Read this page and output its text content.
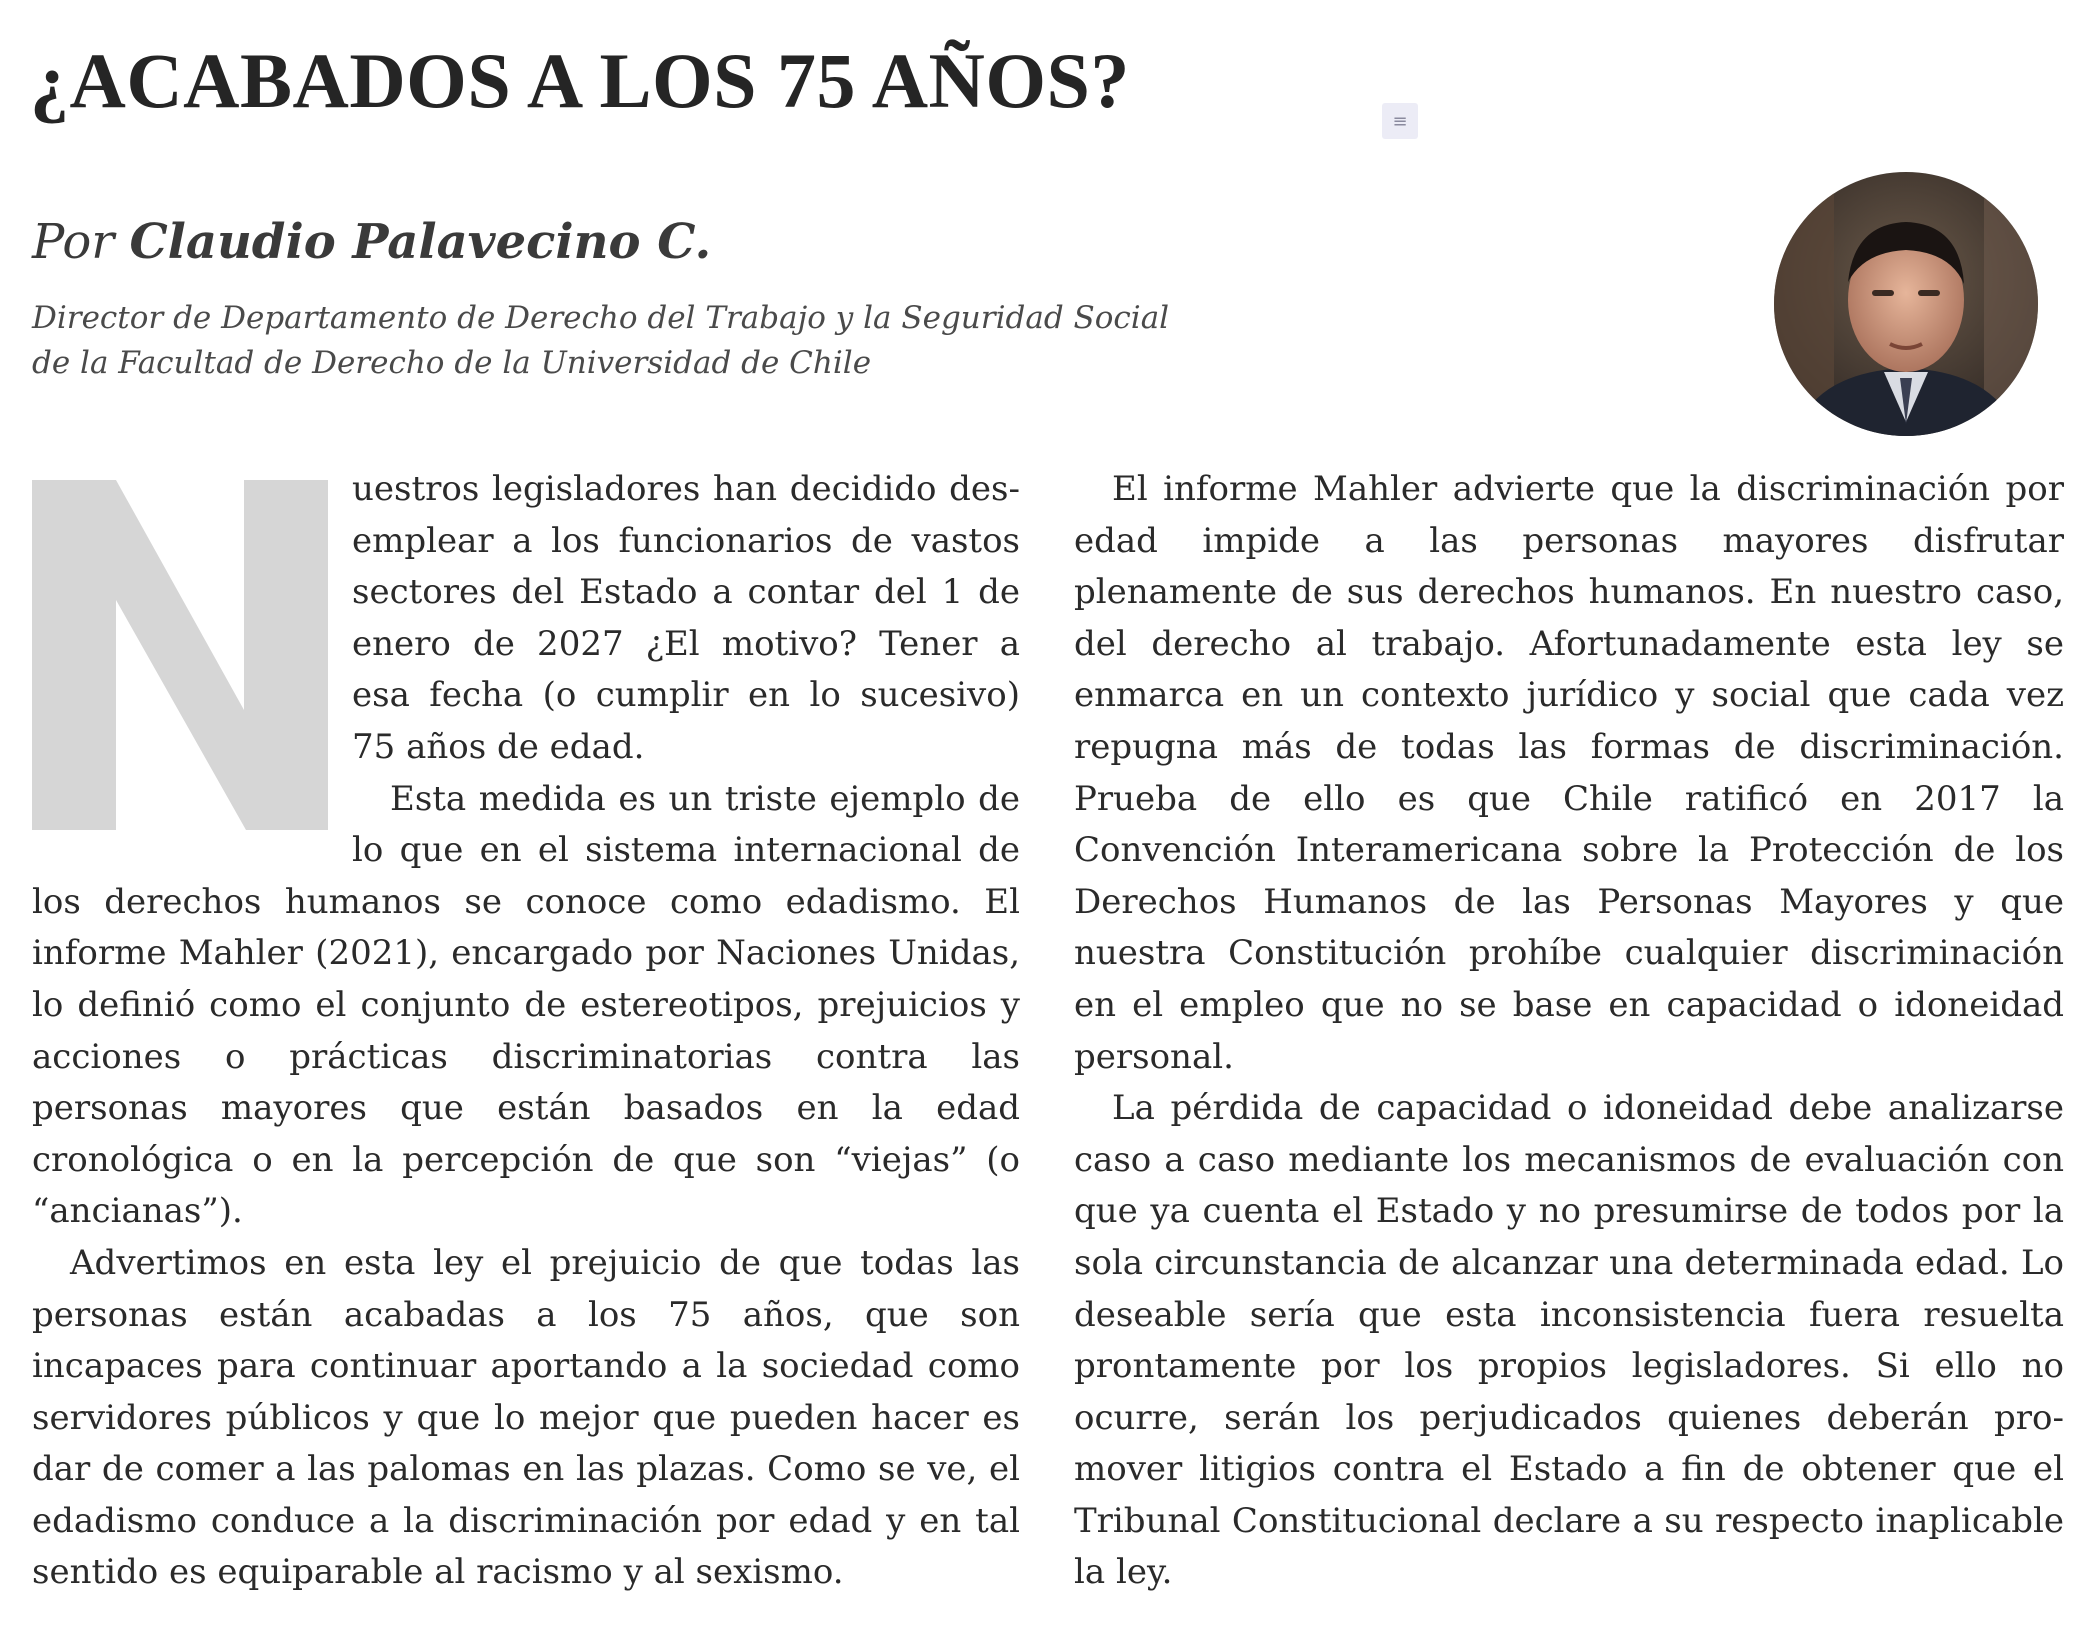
¿ACABADOS A LOS 75 AÑOS?	≡
Por Claudio Palavecino C.
Director de Departamento de Derecho del Trabajo y la Seguridad Social
de la Facultad de Derecho de la Universidad de Chile

uestros legisladores han decidido desemplear a los funcionarios de vastos sectores del Estado a contar del 1 de enero de 2027 ¿El motivo? Tener a esa fecha (o cumplir en lo sucesivo) 75 años de edad.

Esta medida es un triste ejemplo de lo que en el sistema internacional de los derechos humanos se conoce como edadismo. El informe Mahler (2021), encargado por Naciones Unidas, lo definió como el conjunto de estereotipos, prejuicios y acciones o prácticas discriminatorias contra las personas mayores que están basados en la edad cronológica o en la percepción de que son “viejas” (o “ancianas”).

Advertimos en esta ley el prejuicio de que todas las personas están acabadas a los 75 años, que son incapaces para continuar aportando a la sociedad como servidores públicos y que lo mejor que pueden hacer es dar de comer a las palomas en las plazas. Como se ve, el edadismo conduce a la discriminación por edad y en tal sentido es equiparable al racismo y al sexismo.

El informe Mahler advierte que la discriminación por edad impide a las personas mayores disfrutar plenamente de sus derechos humanos. En nuestro caso, del derecho al trabajo. Afortunadamente esta ley se enmarca en un contexto jurídico y social que cada vez repugna más de todas las formas de discriminación. Prueba de ello es que Chile ratificó en 2017 la Convención Interamericana sobre la Protección de los Derechos Humanos de las Personas Mayores y que nuestra Constitución prohíbe cualquier discriminación en el empleo que no se base en capacidad o idoneidad personal.

La pérdida de capacidad o idoneidad debe analizarse caso a caso mediante los mecanismos de evaluación con que ya cuenta el Estado y no presumirse de todos por la sola circunstancia de alcanzar una determinada edad. Lo deseable sería que esta inconsistencia fuera resuelta prontamente por los propios legisladores. Si ello no ocurre, serán los perjudicados quienes deberán promover litigios contra el Estado a fin de obtener que el Tribunal Constitucional declare a su respecto inaplicable la ley.
